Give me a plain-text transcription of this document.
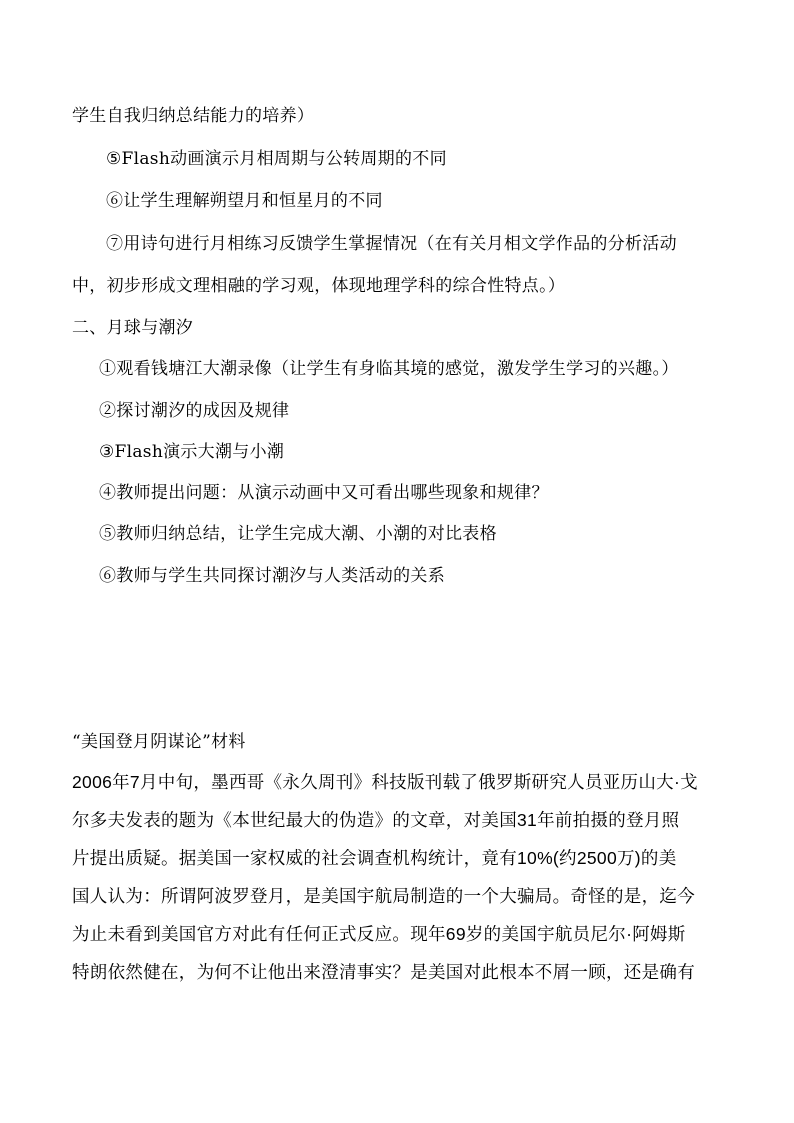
学生自我归纳总结能力的培养）
⑤Flash动画演示月相周期与公转周期的不同
⑥让学生理解朔望月和恒星月的不同
⑦用诗句进行月相练习反馈学生掌握情况（在有关月相文学作品的分析活动
中，初步形成文理相融的学习观，体现地理学科的综合性特点。）
二、月球与潮汐
①观看钱塘江大潮录像（让学生有身临其境的感觉，激发学生学习的兴趣。）
②探讨潮汐的成因及规律
③Flash演示大潮与小潮
④教师提出问题：从演示动画中又可看出哪些现象和规律？
⑤教师归纳总结，让学生完成大潮、小潮的对比表格
⑥教师与学生共同探讨潮汐与人类活动的关系
“美国登月阴谋论”材料
2006年7月中旬，墨西哥《永久周刊》科技版刊载了俄罗斯研究人员亚历山大·戈
尔多夫发表的题为《本世纪最大的伪造》的文章，对美国31年前拍摄的登月照
片提出质疑。据美国一家权威的社会调查机构统计，竟有10%(约2500万)的美
国人认为：所谓阿波罗登月，是美国宇航局制造的一个大骗局。奇怪的是，迄今
为止未看到美国官方对此有任何正式反应。现年69岁的美国宇航员尼尔·阿姆斯
特朗依然健在，为何不让他出来澄清事实？是美国对此根本不屑一顾，还是确有
